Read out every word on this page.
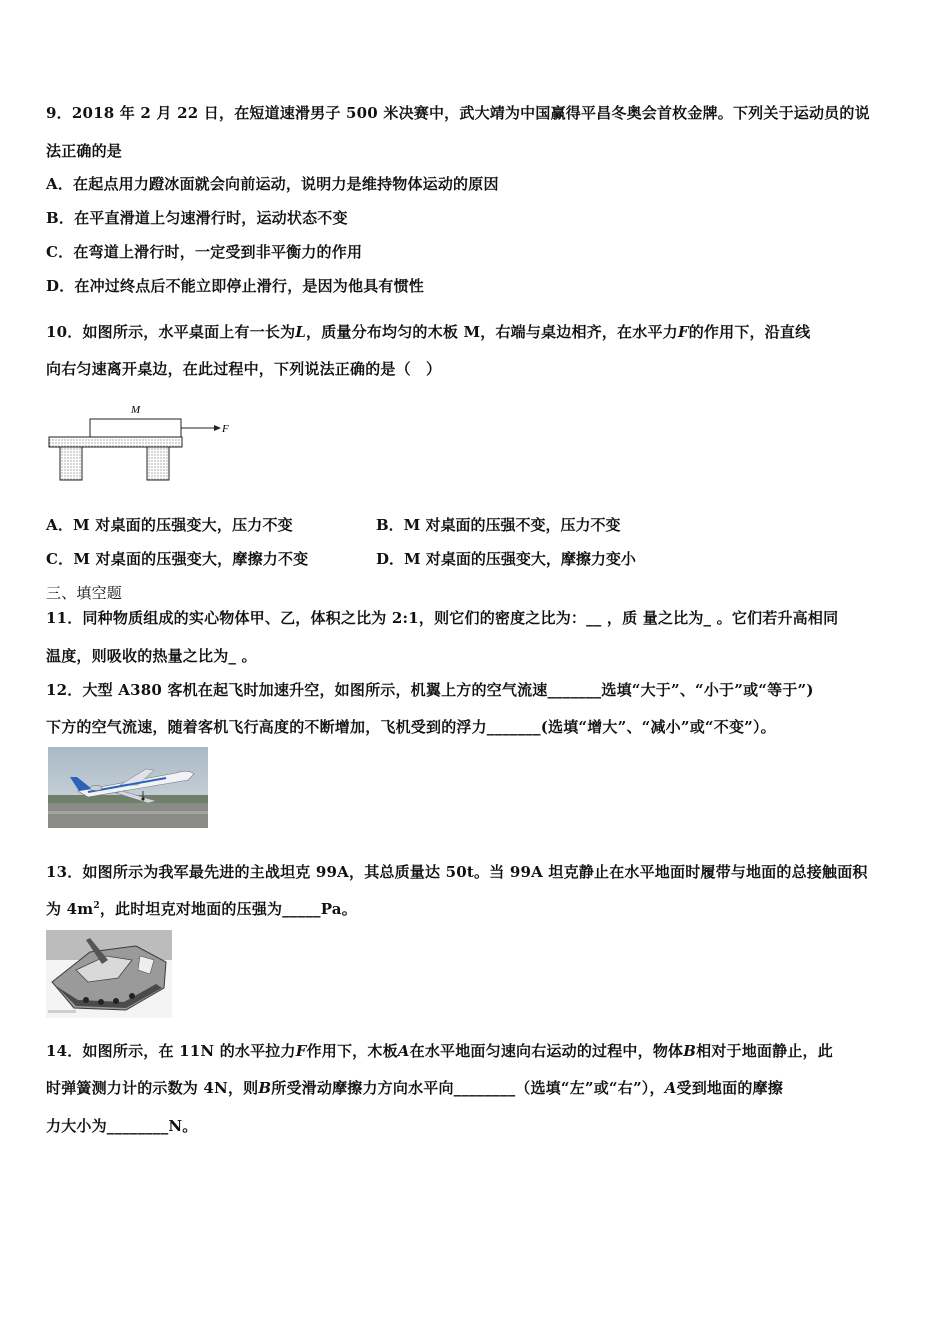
9．2018 年 2 月 22 日，在短道速滑男子 500 米决赛中，武大靖为中国赢得平昌冬奥会首枚金牌。下列关于运动员的说
法正确的是
A．在起点用力蹬冰面就会向前运动，说明力是维持物体运动的原因
B．在平直滑道上匀速滑行时，运动状态不变
C．在弯道上滑行时，一定受到非平衡力的作用
D．在冲过终点后不能立即停止滑行，是因为他具有惯性
10．如图所示，水平桌面上有一长为L，质量分布均匀的木板 M，右端与桌边相齐，在水平力F的作用下，沿直线
向右匀速离开桌边，在此过程中，下列说法正确的是（　）
M
F
A．M 对桌面的压强变大，压力不变	B．M 对桌面的压强不变，压力不变
C．M 对桌面的压强变大，摩擦力不变	D．M 对桌面的压强变大，摩擦力变小
三、填空题
11．同种物质组成的实心物体甲、乙，体积之比为 2:1，则它们的密度之比为：__ ，质 量之比为_ 。它们若升高相同
温度，则吸收的热量之比为_ 。
12．大型 A380 客机在起飞时加速升空，如图所示，机翼上方的空气流速_______选填“大于”、“小于”或“等于”)
下方的空气流速，随着客机飞行高度的不断增加，飞机受到的浮力_______(选填“增大”、“减小”或“不变”）。
13．如图所示为我军最先进的主战坦克 99A，其总质量达 50t。当 99A 坦克静止在水平地面时履带与地面的总接触面积
为 $4m^2$，此时坦克对地面的压强为_____Pa。
14．如图所示，在 11N 的水平拉力F作用下，木板A在水平地面匀速向右运动的过程中，物体B相对于地面静止，此
时弹簧测力计的示数为 4N，则B所受滑动摩擦力方向水平向________（选填“左”或“右”），A受到地面的摩擦
力大小为________N。
